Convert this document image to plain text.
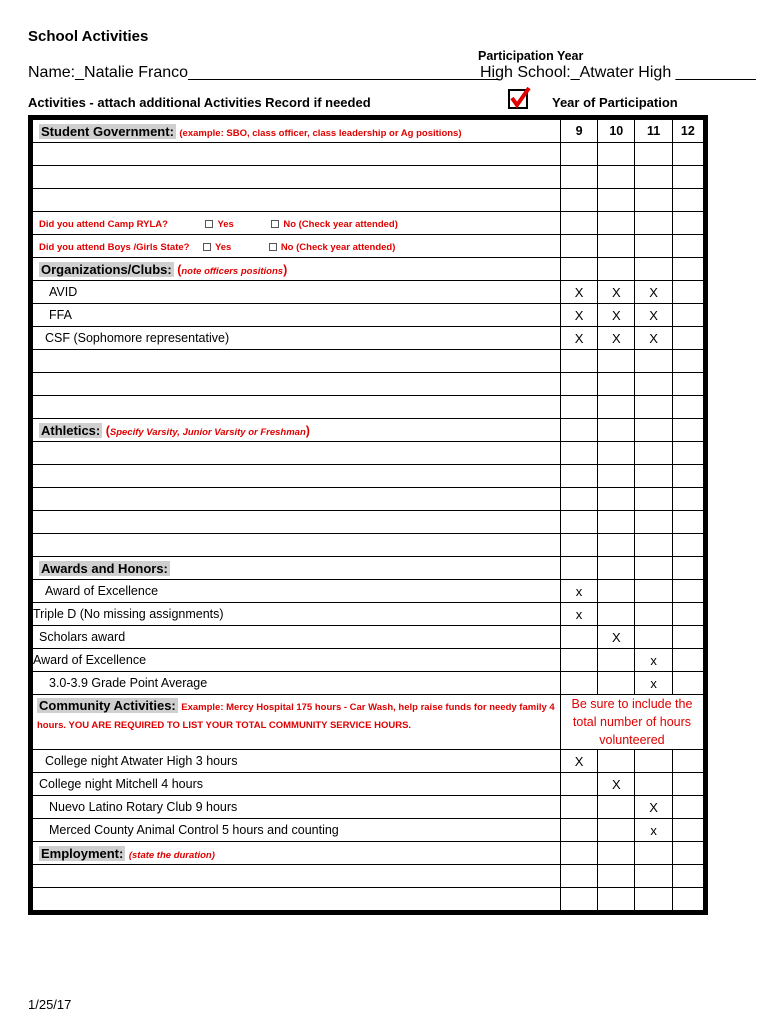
School Activities
Participation Year
Name:_Natalie Franco___________________________________
High School:_Atwater High _________
Activities - attach additional Activities Record if needed	Year of Participation
Student Government: (example: SBO, class officer, class leadership or Ag positions)	9	10	11	12

Did you attend Camp RYLA? Yes No (Check year attended)				
Did you attend Boys /Girls State? Yes No (Check year attended)				
Organizations/Clubs: (note officers positions)				
AVID	X	X	X	
FFA	X	X	X	
CSF (Sophomore representative)	X	X	X	

Athletics: (Specify Varsity, Junior Varsity or Freshman)				

Awards and Honors:				
Award of Excellence	x			
Triple D (No missing assignments)	x			
Scholars award		X		
Award of Excellence			x	
3.0-3.9 Grade Point Average			x	
Community Activities: Example: Mercy Hospital 175 hours - Car Wash, help raise funds for needy family 4 hours. YOU ARE REQUIRED TO LIST YOUR TOTAL COMMUNITY SERVICE HOURS.	Be sure to include the total number of hours volunteered			
College night Atwater High 3 hours	X			
College night Mitchell 4 hours		X		
Nuevo Latino Rotary Club 9 hours			X	
Merced County Animal Control 5 hours and counting			x	
Employment: (state the duration)				

1/25/17
